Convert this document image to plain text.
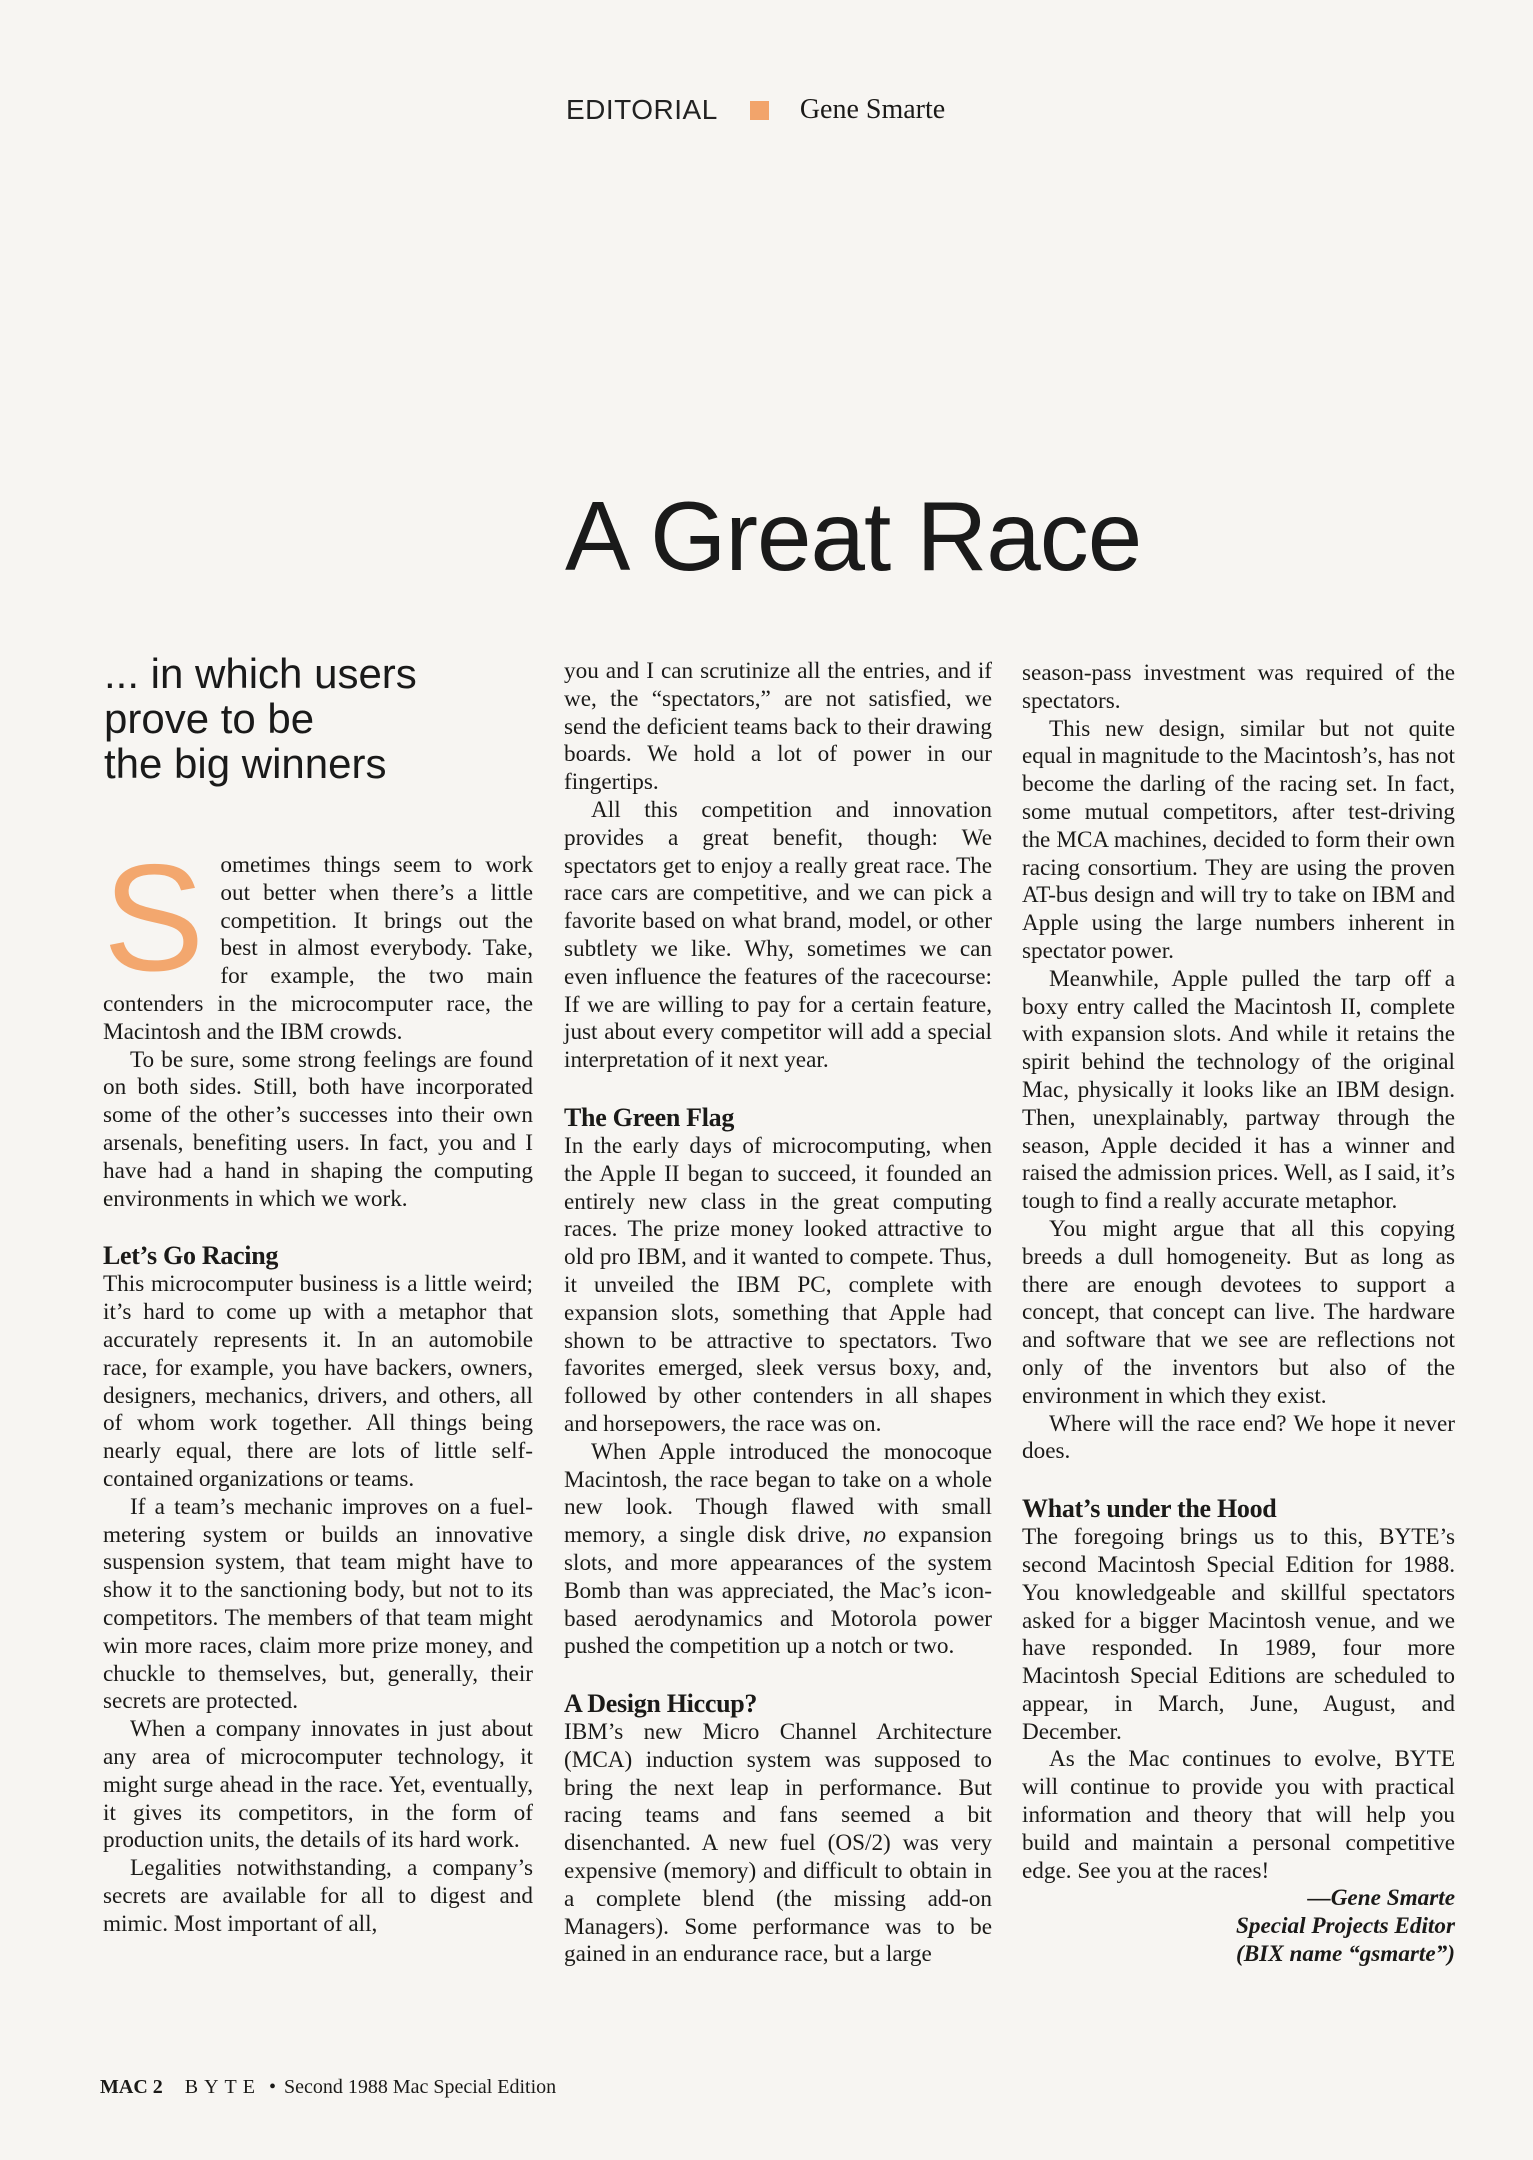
EDITORIAL	Gene Smarte
A Great Race
... in which users
prove to be
the big winners

Sometimes things seem to work out better when there’s a little competition. It brings out the best in almost everybody. Take, for example, the two main contenders in the microcomputer race, the Macintosh and the IBM crowds.

To be sure, some strong feelings are found on both sides. Still, both have incorporated some of the other’s successes into their own arsenals, benefiting users. In fact, you and I have had a hand in shaping the computing environments in which we work.

Let’s Go Racing

This microcomputer business is a little weird; it’s hard to come up with a metaphor that accurately represents it. In an automobile race, for example, you have backers, owners, designers, mechanics, drivers, and others, all of whom work together. All things being nearly equal, there are lots of little self-contained organizations or teams.

If a team’s mechanic improves on a fuel-metering system or builds an innovative suspension system, that team might have to show it to the sanctioning body, but not to its competitors. The members of that team might win more races, claim more prize money, and chuckle to themselves, but, generally, their secrets are protected.

When a company innovates in just about any area of microcomputer technology, it might surge ahead in the race. Yet, eventually, it gives its competitors, in the form of production units, the details of its hard work.

Legalities notwithstanding, a company’s secrets are available for all to digest and mimic. Most important of all,

you and I can scrutinize all the entries, and if we, the “spectators,” are not satisfied, we send the deficient teams back to their drawing boards. We hold a lot of power in our fingertips.

All this competition and innovation provides a great benefit, though: We spectators get to enjoy a really great race. The race cars are competitive, and we can pick a favorite based on what brand, model, or other subtlety we like. Why, sometimes we can even influence the features of the racecourse: If we are willing to pay for a certain feature, just about every competitor will add a special interpretation of it next year.

The Green Flag

In the early days of microcomputing, when the Apple II began to succeed, it founded an entirely new class in the great computing races. The prize money looked attractive to old pro IBM, and it wanted to compete. Thus, it unveiled the IBM PC, complete with expansion slots, something that Apple had shown to be attractive to spectators. Two favorites emerged, sleek versus boxy, and, followed by other contenders in all shapes and horsepowers, the race was on.

When Apple introduced the monocoque Macintosh, the race began to take on a whole new look. Though flawed with small memory, a single disk drive, no expansion slots, and more appearances of the system Bomb than was appreciated, the Mac’s icon-based aerodynamics and Motorola power pushed the competition up a notch or two.

A Design Hiccup?

IBM’s new Micro Channel Architecture (MCA) induction system was supposed to bring the next leap in performance. But racing teams and fans seemed a bit disenchanted. A new fuel (OS/2) was very expensive (memory) and difficult to obtain in a complete blend (the missing add-on Managers). Some performance was to be gained in an endurance race, but a large

season-pass investment was required of the spectators.

This new design, similar but not quite equal in magnitude to the Macintosh’s, has not become the darling of the racing set. In fact, some mutual competitors, after test-driving the MCA machines, decided to form their own racing consortium. They are using the proven AT-bus design and will try to take on IBM and Apple using the large numbers inherent in spectator power.

Meanwhile, Apple pulled the tarp off a boxy entry called the Macintosh II, complete with expansion slots. And while it retains the spirit behind the technology of the original Mac, physically it looks like an IBM design. Then, unexplainably, partway through the season, Apple decided it has a winner and raised the admission prices. Well, as I said, it’s tough to find a really accurate metaphor.

You might argue that all this copying breeds a dull homogeneity. But as long as there are enough devotees to support a concept, that concept can live. The hardware and software that we see are reflections not only of the inventors but also of the environment in which they exist.

Where will the race end? We hope it never does.

What’s under the Hood

The foregoing brings us to this, BYTE’s second Macintosh Special Edition for 1988. You knowledgeable and skillful spectators asked for a bigger Macintosh venue, and we have responded. In 1989, four more Macintosh Special Editions are scheduled to appear, in March, June, August, and December.

As the Mac continues to evolve, BYTE will continue to provide you with practical information and theory that will help you build and maintain a personal competitive edge. See you at the races!

—Gene Smarte
Special Projects Editor
(BIX name “gsmarte”)
MAC 2 BYTE • Second 1988 Mac Special Edition
